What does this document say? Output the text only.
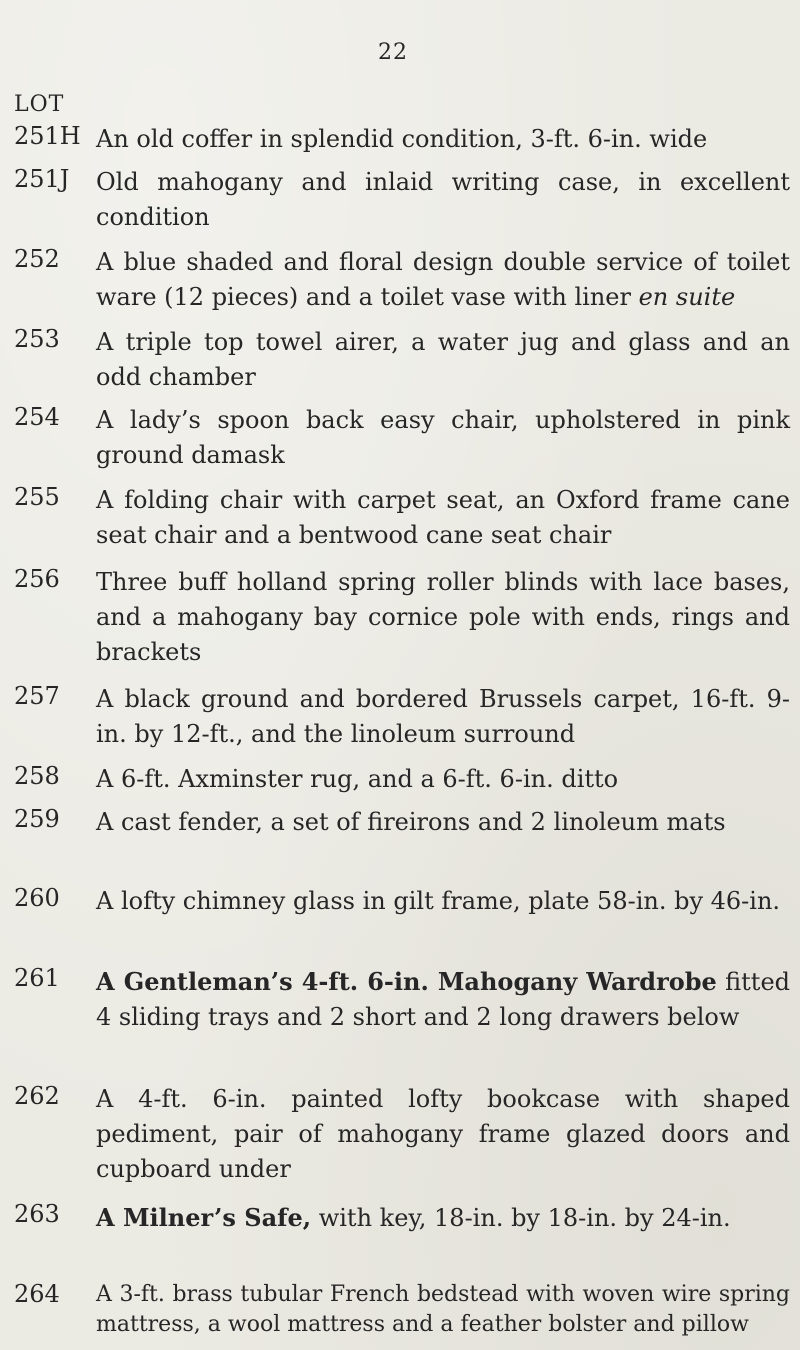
22
LOT
251H An old coffer in splendid condition, 3-ft. 6-in. wide

251J Old mahogany and inlaid writing case, in excellent condition

252 A blue shaded and floral design double service of toilet ware (12 pieces) and a toilet vase with liner en suite

253 A triple top towel airer, a water jug and glass and an odd chamber

254 A lady’s spoon back easy chair, upholstered in pink ground damask

255 A folding chair with carpet seat, an Oxford frame cane seat chair and a bentwood cane seat chair

256 Three buff holland spring roller blinds with lace bases, and a mahogany bay cornice pole with ends, rings and brackets

257 A black ground and bordered Brussels carpet, 16-ft. 9-in. by 12-ft., and the linoleum surround

258 A 6-ft. Axminster rug, and a 6-ft. 6-in. ditto

259 A cast fender, a set of fireirons and 2 linoleum mats

260 A lofty chimney glass in gilt frame, plate 58-in. by 46-in.

261 A Gentleman’s 4-ft. 6-in. Mahogany Wardrobe fitted 4 sliding trays and 2 short and 2 long drawers below

262 A 4-ft. 6-in. painted lofty bookcase with shaped pediment, pair of mahogany frame glazed doors and cupboard under

263 A Milner’s Safe, with key, 18-in. by 18-in. by 24-in.

264 A 3-ft. brass tubular French bedstead with woven wire spring mattress, a wool mattress and a feather bolster and pillow
